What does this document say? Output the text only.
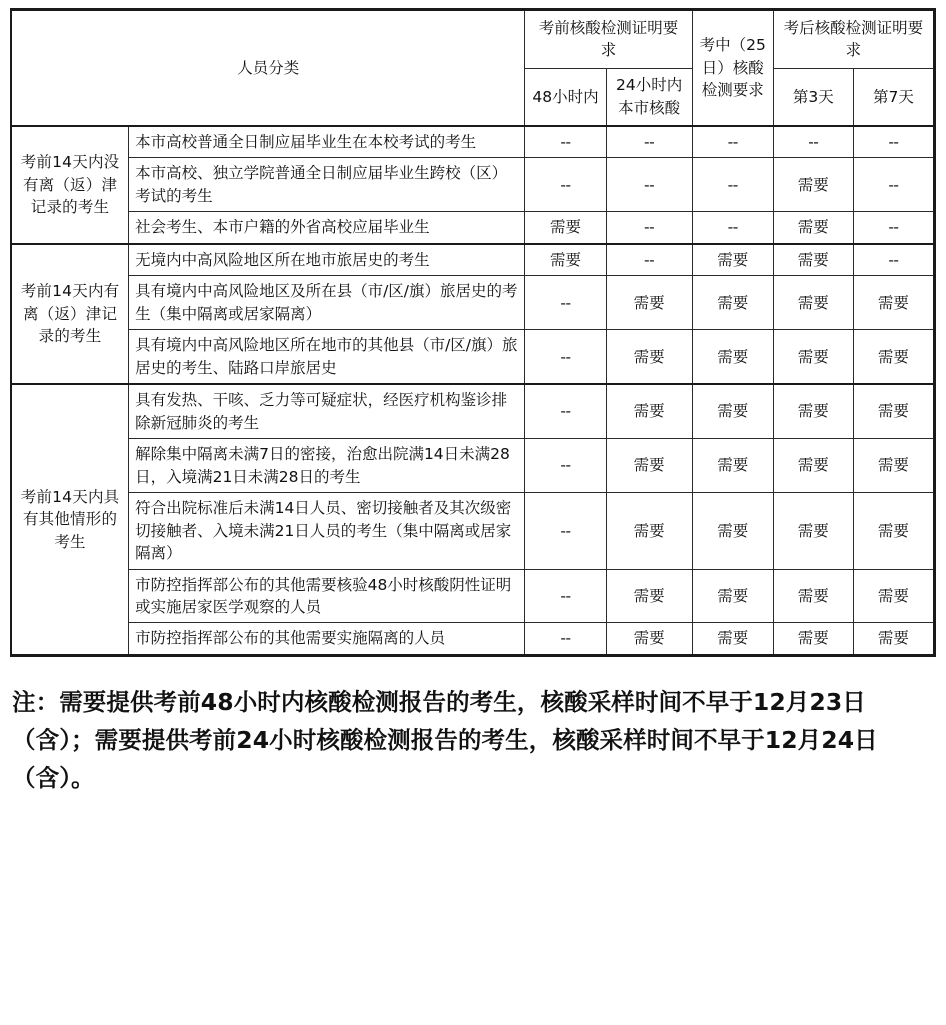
人员分类		考前核酸检测证明要求		考中（25日）核酸检测要求	考后核酸检测证明要求	
		48小时内	24小时内本市核酸		第3天	第7天
考前14天内没有离（返）津记录的考生	本市高校普通全日制应届毕业生在本校考试的考生	--	--	--	--	--
	本市高校、独立学院普通全日制应届毕业生跨校（区）考试的考生	--	--	--	需要	--
	社会考生、本市户籍的外省高校应届毕业生	需要	--	--	需要	--
考前14天内有离（返）津记录的考生	无境内中高风险地区所在地市旅居史的考生	需要	--	需要	需要	--
	具有境内中高风险地区及所在县（市/区/旗）旅居史的考生（集中隔离或居家隔离）	--	需要	需要	需要	需要
	具有境内中高风险地区所在地市的其他县（市/区/旗）旅居史的考生、陆路口岸旅居史	--	需要	需要	需要	需要
考前14天内具有其他情形的考生	具有发热、干咳、乏力等可疑症状，经医疗机构鉴诊排除新冠肺炎的考生	--	需要	需要	需要	需要
	解除集中隔离未满7日的密接，治愈出院满14日未满28日，入境满21日未满28日的考生	--	需要	需要	需要	需要
	符合出院标准后未满14日人员、密切接触者及其次级密切接触者、入境未满21日人员的考生（集中隔离或居家隔离）	--	需要	需要	需要	需要
	市防控指挥部公布的其他需要核验48小时核酸阴性证明或实施居家医学观察的人员	--	需要	需要	需要	需要
	市防控指挥部公布的其他需要实施隔离的人员	--	需要	需要	需要	需要
注：需要提供考前48小时内核酸检测报告的考生，核酸采样时间不早于12月23日（含）；需要提供考前24小时核酸检测报告的考生，核酸采样时间不早于12月24日（含）。
